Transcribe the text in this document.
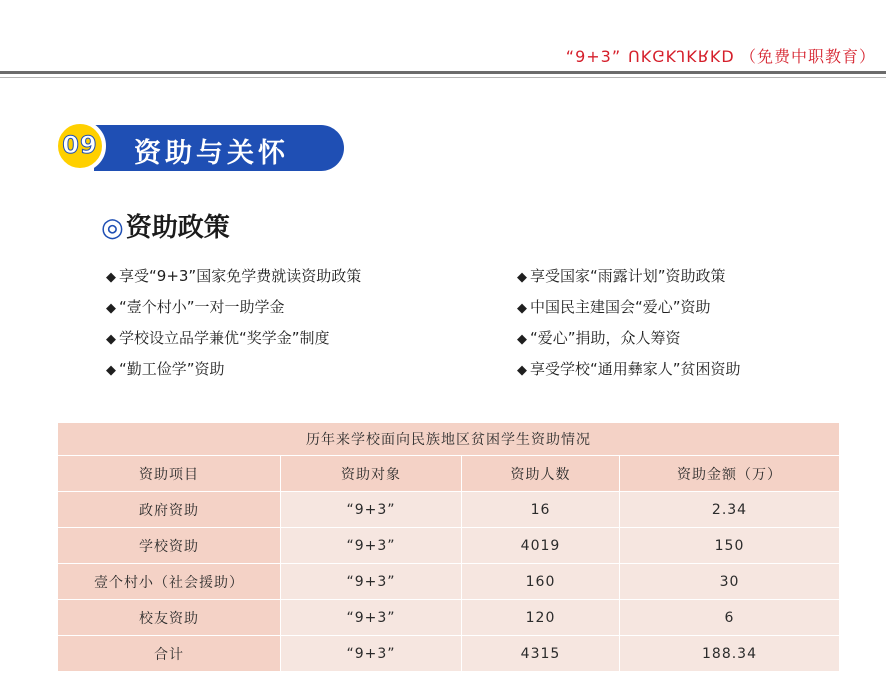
“9+3” ꓷꓘꓤꓘꓩꓘꓨꓘꓵ （免费中职教育）
资助与关怀
09
◎资助政策
◆ 享受“9+3”国家免学费就读资助政策
◆ “壹个村小”一对一助学金
◆ 学校设立品学兼优“奖学金”制度
◆ “勤工俭学”资助
◆ 享受国家“雨露计划”资助政策
◆ 中国民主建国会“爱心”资助
◆ “爱心”捐助，众人筹资
◆ 享受学校“通用彝家人”贫困资助
历年来学校面向民族地区贫困学生资助情况			
资助项目	资助对象	资助人数	资助金额（万）
政府资助	“9+3”	16	2.34
学校资助	“9+3”	4019	150
壹个村小（社会援助）	“9+3”	160	30
校友资助	“9+3”	120	6
合计	“9+3”	4315	188.34
